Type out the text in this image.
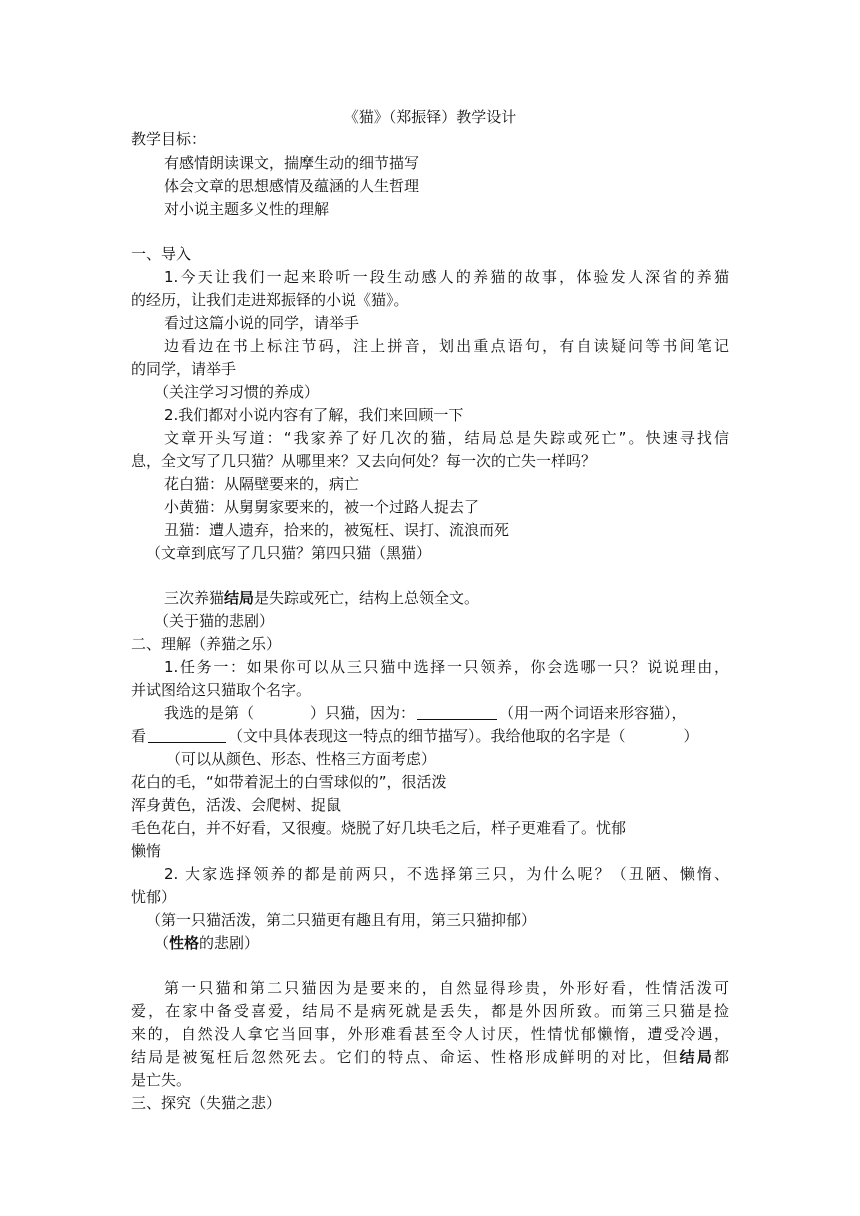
《猫》（郑振铎）教学设计
教学目标：
有感情朗读课文，揣摩生动的细节描写
体会文章的思想感情及蕴涵的人生哲理
对小说主题多义性的理解
一、导入
1.今天让我们一起来聆听一段生动感人的养猫的故事，体验发人深省的养猫
的经历，让我们走进郑振铎的小说《猫》。
看过这篇小说的同学，请举手
边看边在书上标注节码，注上拼音，划出重点语句，有自读疑问等书间笔记
的同学，请举手
（关注学习习惯的养成）
2.我们都对小说内容有了解，我们来回顾一下
文章开头写道：“我家养了好几次的猫，结局总是失踪或死亡”。快速寻找信
息，全文写了几只猫？从哪里来？又去向何处？每一次的亡失一样吗？
花白猫：从隔壁要来的，病亡
小黄猫：从舅舅家要来的，被一个过路人捉去了
丑猫：遭人遗弃，拾来的，被冤枉、误打、流浪而死
（文章到底写了几只猫？第四只猫（黑猫）
三次养猫结局是失踪或死亡，结构上总领全文。
（关于猫的悲剧）
二、理解（养猫之乐）
1.任务一：如果你可以从三只猫中选择一只领养，你会选哪一只？说说理由，
并试图给这只猫取个名字。
我选的是第（	）只猫，因为：	（用一两个词语来形容猫），
看	（文中具体表现这一特点的细节描写）。我给他取的名字是（	）
（可以从颜色、形态、性格三方面考虑）
花白的毛，“如带着泥土的白雪球似的”，很活泼
浑身黄色，活泼、会爬树、捉鼠
毛色花白，并不好看，又很瘦。烧脱了好几块毛之后，样子更难看了。忧郁
懒惰
2. 大家选择领养的都是前两只，不选择第三只，为什么呢？（丑陋、懒惰、
忧郁）
（第一只猫活泼，第二只猫更有趣且有用，第三只猫抑郁）
（性格的悲剧）
第一只猫和第二只猫因为是要来的，自然显得珍贵，外形好看，性情活泼可
爱，在家中备受喜爱，结局不是病死就是丢失，都是外因所致。而第三只猫是捡
来的，自然没人拿它当回事，外形难看甚至令人讨厌，性情忧郁懒惰，遭受冷遇，
结局是被冤枉后忽然死去。它们的特点、命运、性格形成鲜明的对比，但结局都
是亡失。
三、探究（失猫之悲）
